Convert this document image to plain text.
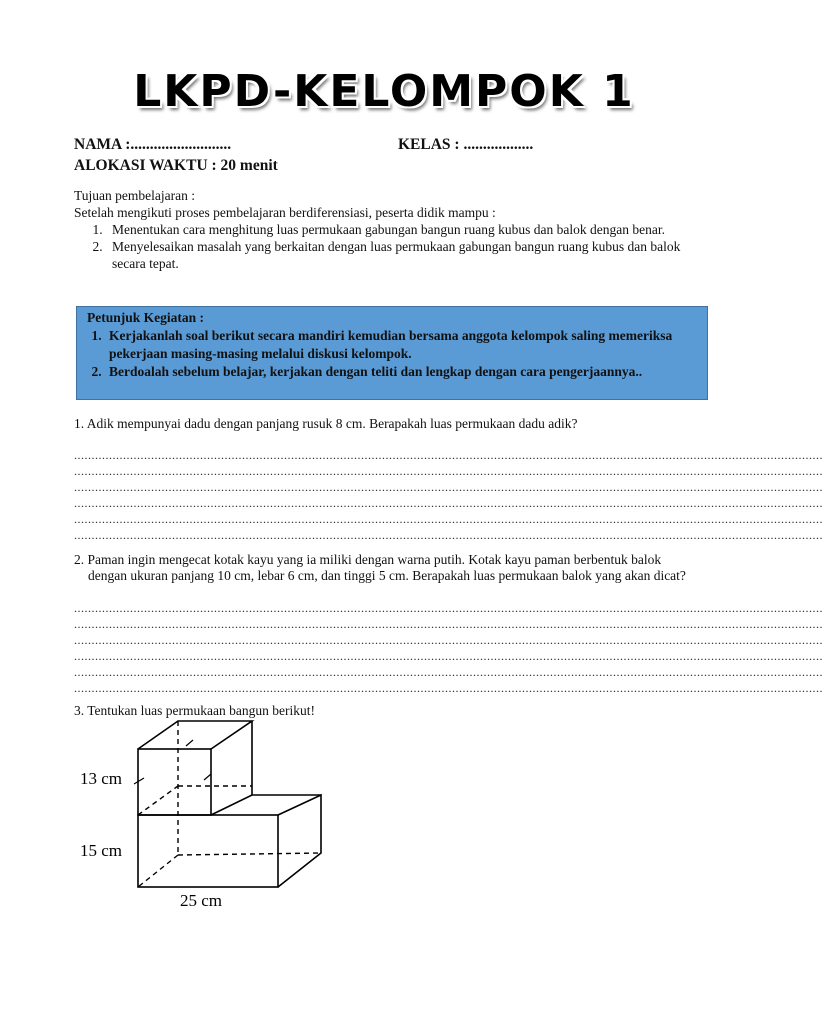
LKPD-KELOMPOK 1
NAMA :..........................	KELAS : ..................
ALOKASI WAKTU : 20 menit
Tujuan pembelajaran :
Setelah mengikuti proses pembelajaran berdiferensiasi, peserta didik mampu :
1. Menentukan cara menghitung luas permukaan gabungan bangun ruang kubus dan balok dengan benar.
2. Menyelesaikan masalah yang berkaitan dengan luas permukaan gabungan bangun ruang kubus dan balok secara tepat.
Petunjuk Kegiatan :
1. Kerjakanlah soal berikut secara mandiri kemudian bersama anggota kelompok saling memeriksa pekerjaan masing-masing melalui diskusi kelompok.
2. Berdoalah sebelum belajar, kerjakan dengan teliti dan lengkap dengan cara pengerjaannya..
1. Adik mempunyai dadu dengan panjang rusuk 8 cm. Berapakah luas permukaan dadu adik?
......................................................................................................................................................................................................................
......................................................................................................................................................................................................................
......................................................................................................................................................................................................................
......................................................................................................................................................................................................................
......................................................................................................................................................................................................................
......................................................................................................................................................................................................................
2. Paman ingin mengecat kotak kayu yang ia miliki dengan warna putih. Kotak kayu paman berbentuk balok dengan ukuran panjang 10 cm, lebar 6 cm, dan tinggi 5 cm. Berapakah luas permukaan balok yang akan dicat?
......................................................................................................................................................................................................................
......................................................................................................................................................................................................................
......................................................................................................................................................................................................................
......................................................................................................................................................................................................................
......................................................................................................................................................................................................................
......................................................................................................................................................................................................................
3. Tentukan luas permukaan bangun berikut!
13 cm
15 cm
25 cm
